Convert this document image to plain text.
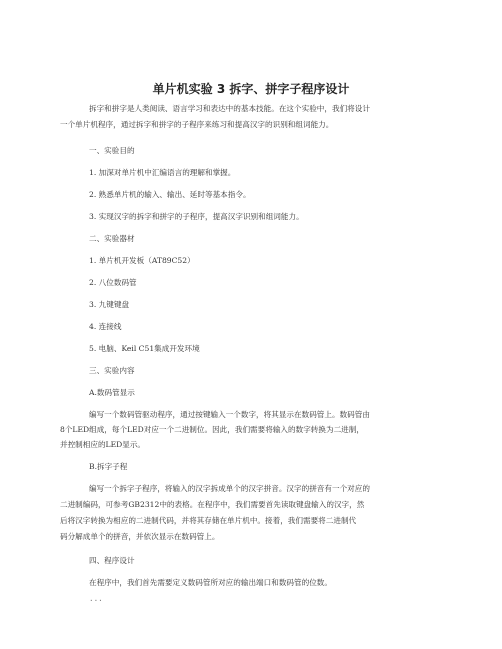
单片机实验 3 拆字、拼字子程序设计
拆字和拼字是人类阅读、语言学习和表达中的基本技能。在这个实验中，我们将设计
一个单片机程序，通过拆字和拼字的子程序来练习和提高汉字的识别和组词能力。
一、实验目的
1. 加深对单片机中汇编语言的理解和掌握。
2. 熟悉单片机的输入、输出、延时等基本指令。
3. 实现汉字的拆字和拼字的子程序，提高汉字识别和组词能力。
二、实验器材
1. 单片机开发板（AT89C52）
2. 八位数码管
3. 九键键盘
4. 连接线
5. 电脑、Keil C51集成开发环境
三、实验内容
A.数码管显示
编写一个数码管驱动程序，通过按键输入一个数字，将其显示在数码管上。数码管由
8个LED组成，每个LED对应一个二进制位。因此，我们需要将输入的数字转换为二进制，
并控制相应的LED显示。
B.拆字子程
编写一个拆字子程序，将输入的汉字拆成单个的汉字拼音。汉字的拼音有一个对应的
二进制编码，可参考GB2312中的表格。在程序中，我们需要首先读取键盘输入的汉字，然
后将汉字转换为相应的二进制代码，并将其存储在单片机中。接着，我们需要将二进制代
码分解成单个的拼音，并依次显示在数码管上。
四、程序设计
在程序中，我们首先需要定义数码管所对应的输出端口和数码管的位数。
...
